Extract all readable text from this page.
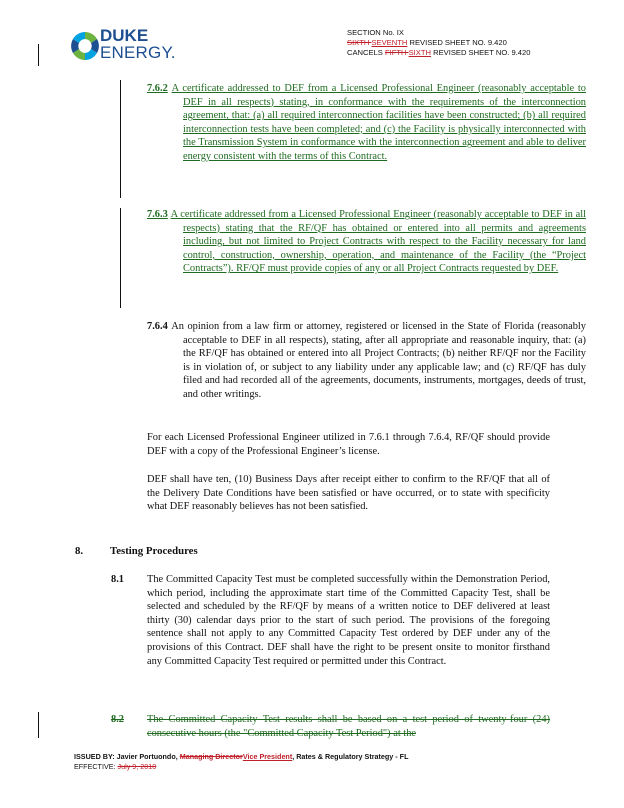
DUKE
ENERGY.
SECTION No. IX
SIXTH SEVENTH REVISED SHEET NO. 9.420
CANCELS FIFTH SIXTH REVISED SHEET NO. 9.420
7.6.2 A certificate addressed to DEF from a Licensed Professional Engineer (reasonably acceptable to DEF in all respects) stating, in conformance with the requirements of the interconnection agreement, that: (a) all required interconnection facilities have been constructed; (b) all required interconnection tests have been completed; and (c) the Facility is physically interconnected with the Transmission System in conformance with the interconnection agreement and able to deliver energy consistent with the terms of this Contract.
7.6.3 A certificate addressed from a Licensed Professional Engineer (reasonably acceptable to DEF in all respects) stating that the RF/QF has obtained or entered into all permits and agreements including, but not limited to Project Contracts with respect to the Facility necessary for land control, construction, ownership, operation, and maintenance of the Facility (the “Project Contracts”). RF/QF must provide copies of any or all Project Contracts requested by DEF.
7.6.4 An opinion from a law firm or attorney, registered or licensed in the State of Florida (reasonably acceptable to DEF in all respects), stating, after all appropriate and reasonable inquiry, that: (a) the RF/QF has obtained or entered into all Project Contracts; (b) neither RF/QF nor the Facility is in violation of, or subject to any liability under any applicable law; and (c) RF/QF has duly filed and had recorded all of the agreements, documents, instruments, mortgages, deeds of trust, and other writings.
For each Licensed Professional Engineer utilized in 7.6.1 through 7.6.4, RF/QF should provide DEF with a copy of the Professional Engineer’s license.
DEF shall have ten, (10) Business Days after receipt either to confirm to the RF/QF that all of the Delivery Date Conditions have been satisfied or have occurred, or to state with specificity what DEF reasonably believes has not been satisfied.
8. Testing Procedures
8.1	The Committed Capacity Test must be completed successfully within the Demonstration Period, which period, including the approximate start time of the Committed Capacity Test, shall be selected and scheduled by the RF/QF by means of a written notice to DEF delivered at least thirty (30) calendar days prior to the start of such period. The provisions of the foregoing sentence shall not apply to any Committed Capacity Test ordered by DEF under any of the provisions of this Contract. DEF shall have the right to be present onsite to monitor firsthand any Committed Capacity Test required or permitted under this Contract.
8.2	The Committed Capacity Test results shall be based on a test period of twenty-four (24) consecutive hours (the "Committed Capacity Test Period") at the
ISSUED BY: Javier Portuondo, Managing DirectorVice President, Rates & Regulatory Strategy - FL
EFFECTIVE: July 9, 2010
